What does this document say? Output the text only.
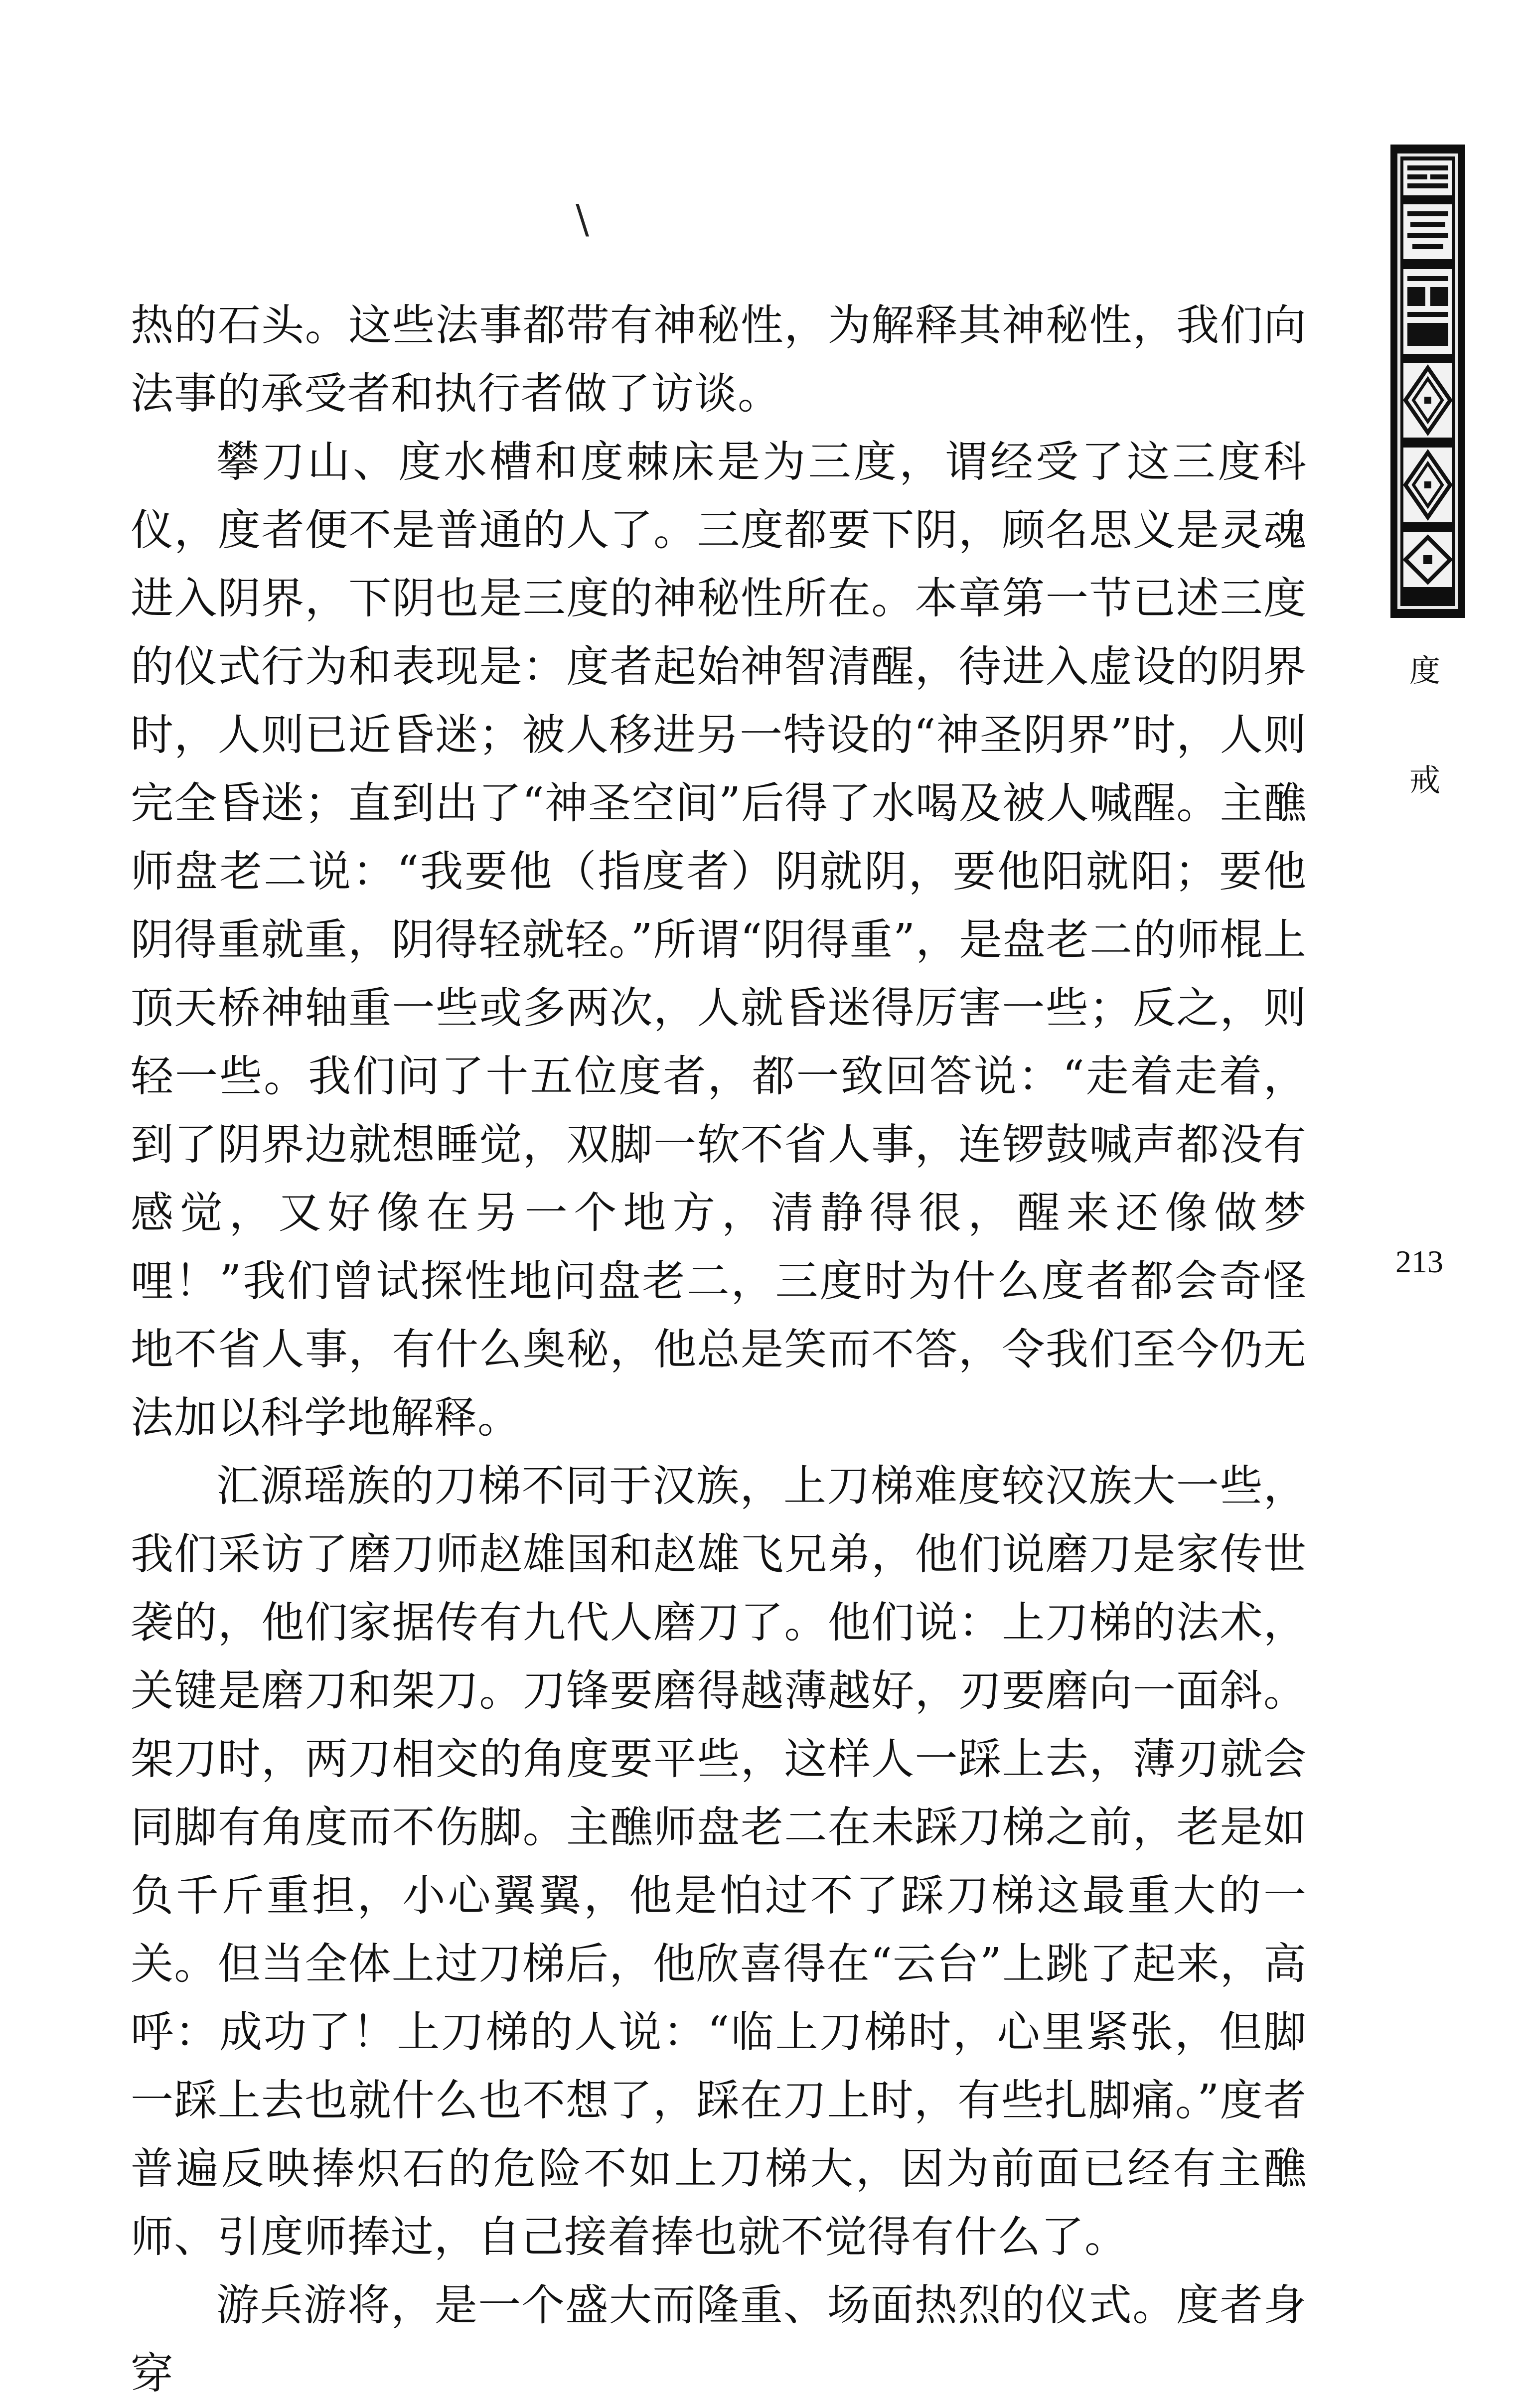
\
度
戒
213

热的石头。这些法事都带有神秘性，为解释其神秘性，我们向法事的承受者和执行者做了访谈。

攀刀山、度水槽和度棘床是为三度，谓经受了这三度科仪，度者便不是普通的人了。三度都要下阴，顾名思义是灵魂进入阴界，下阴也是三度的神秘性所在。本章第一节已述三度的仪式行为和表现是：度者起始神智清醒，待进入虚设的阴界时，人则已近昏迷；被人移进另一特设的“神圣阴界”时，人则完全昏迷；直到出了“神圣空间”后得了水喝及被人喊醒。主醮师盘老二说：“我要他（指度者）阴就阴，要他阳就阳；要他阴得重就重，阴得轻就轻。”所谓“阴得重”，是盘老二的师棍上顶天桥神轴重一些或多两次，人就昏迷得厉害一些；反之，则轻一些。我们问了十五位度者，都一致回答说：“走着走着，到了阴界边就想睡觉，双脚一软不省人事，连锣鼓喊声都没有感觉，又好像在另一个地方，清静得很，醒来还像做梦哩！”我们曾试探性地问盘老二，三度时为什么度者都会奇怪地不省人事，有什么奥秘，他总是笑而不答，令我们至今仍无法加以科学地解释。

汇源瑶族的刀梯不同于汉族，上刀梯难度较汉族大一些，我们采访了磨刀师赵雄国和赵雄飞兄弟，他们说磨刀是家传世袭的，他们家据传有九代人磨刀了。他们说：上刀梯的法术，关键是磨刀和架刀。刀锋要磨得越薄越好，刃要磨向一面斜。架刀时，两刀相交的角度要平些，这样人一踩上去，薄刃就会同脚有角度而不伤脚。主醮师盘老二在未踩刀梯之前，老是如负千斤重担，小心翼翼，他是怕过不了踩刀梯这最重大的一关。但当全体上过刀梯后，他欣喜得在“云台”上跳了起来，高呼：成功了！上刀梯的人说：“临上刀梯时，心里紧张，但脚一踩上去也就什么也不想了，踩在刀上时，有些扎脚痛。”度者普遍反映捧炽石的危险不如上刀梯大，因为前面已经有主醮师、引度师捧过，自己接着捧也就不觉得有什么了。

游兵游将，是一个盛大而隆重、场面热烈的仪式。度者身穿
